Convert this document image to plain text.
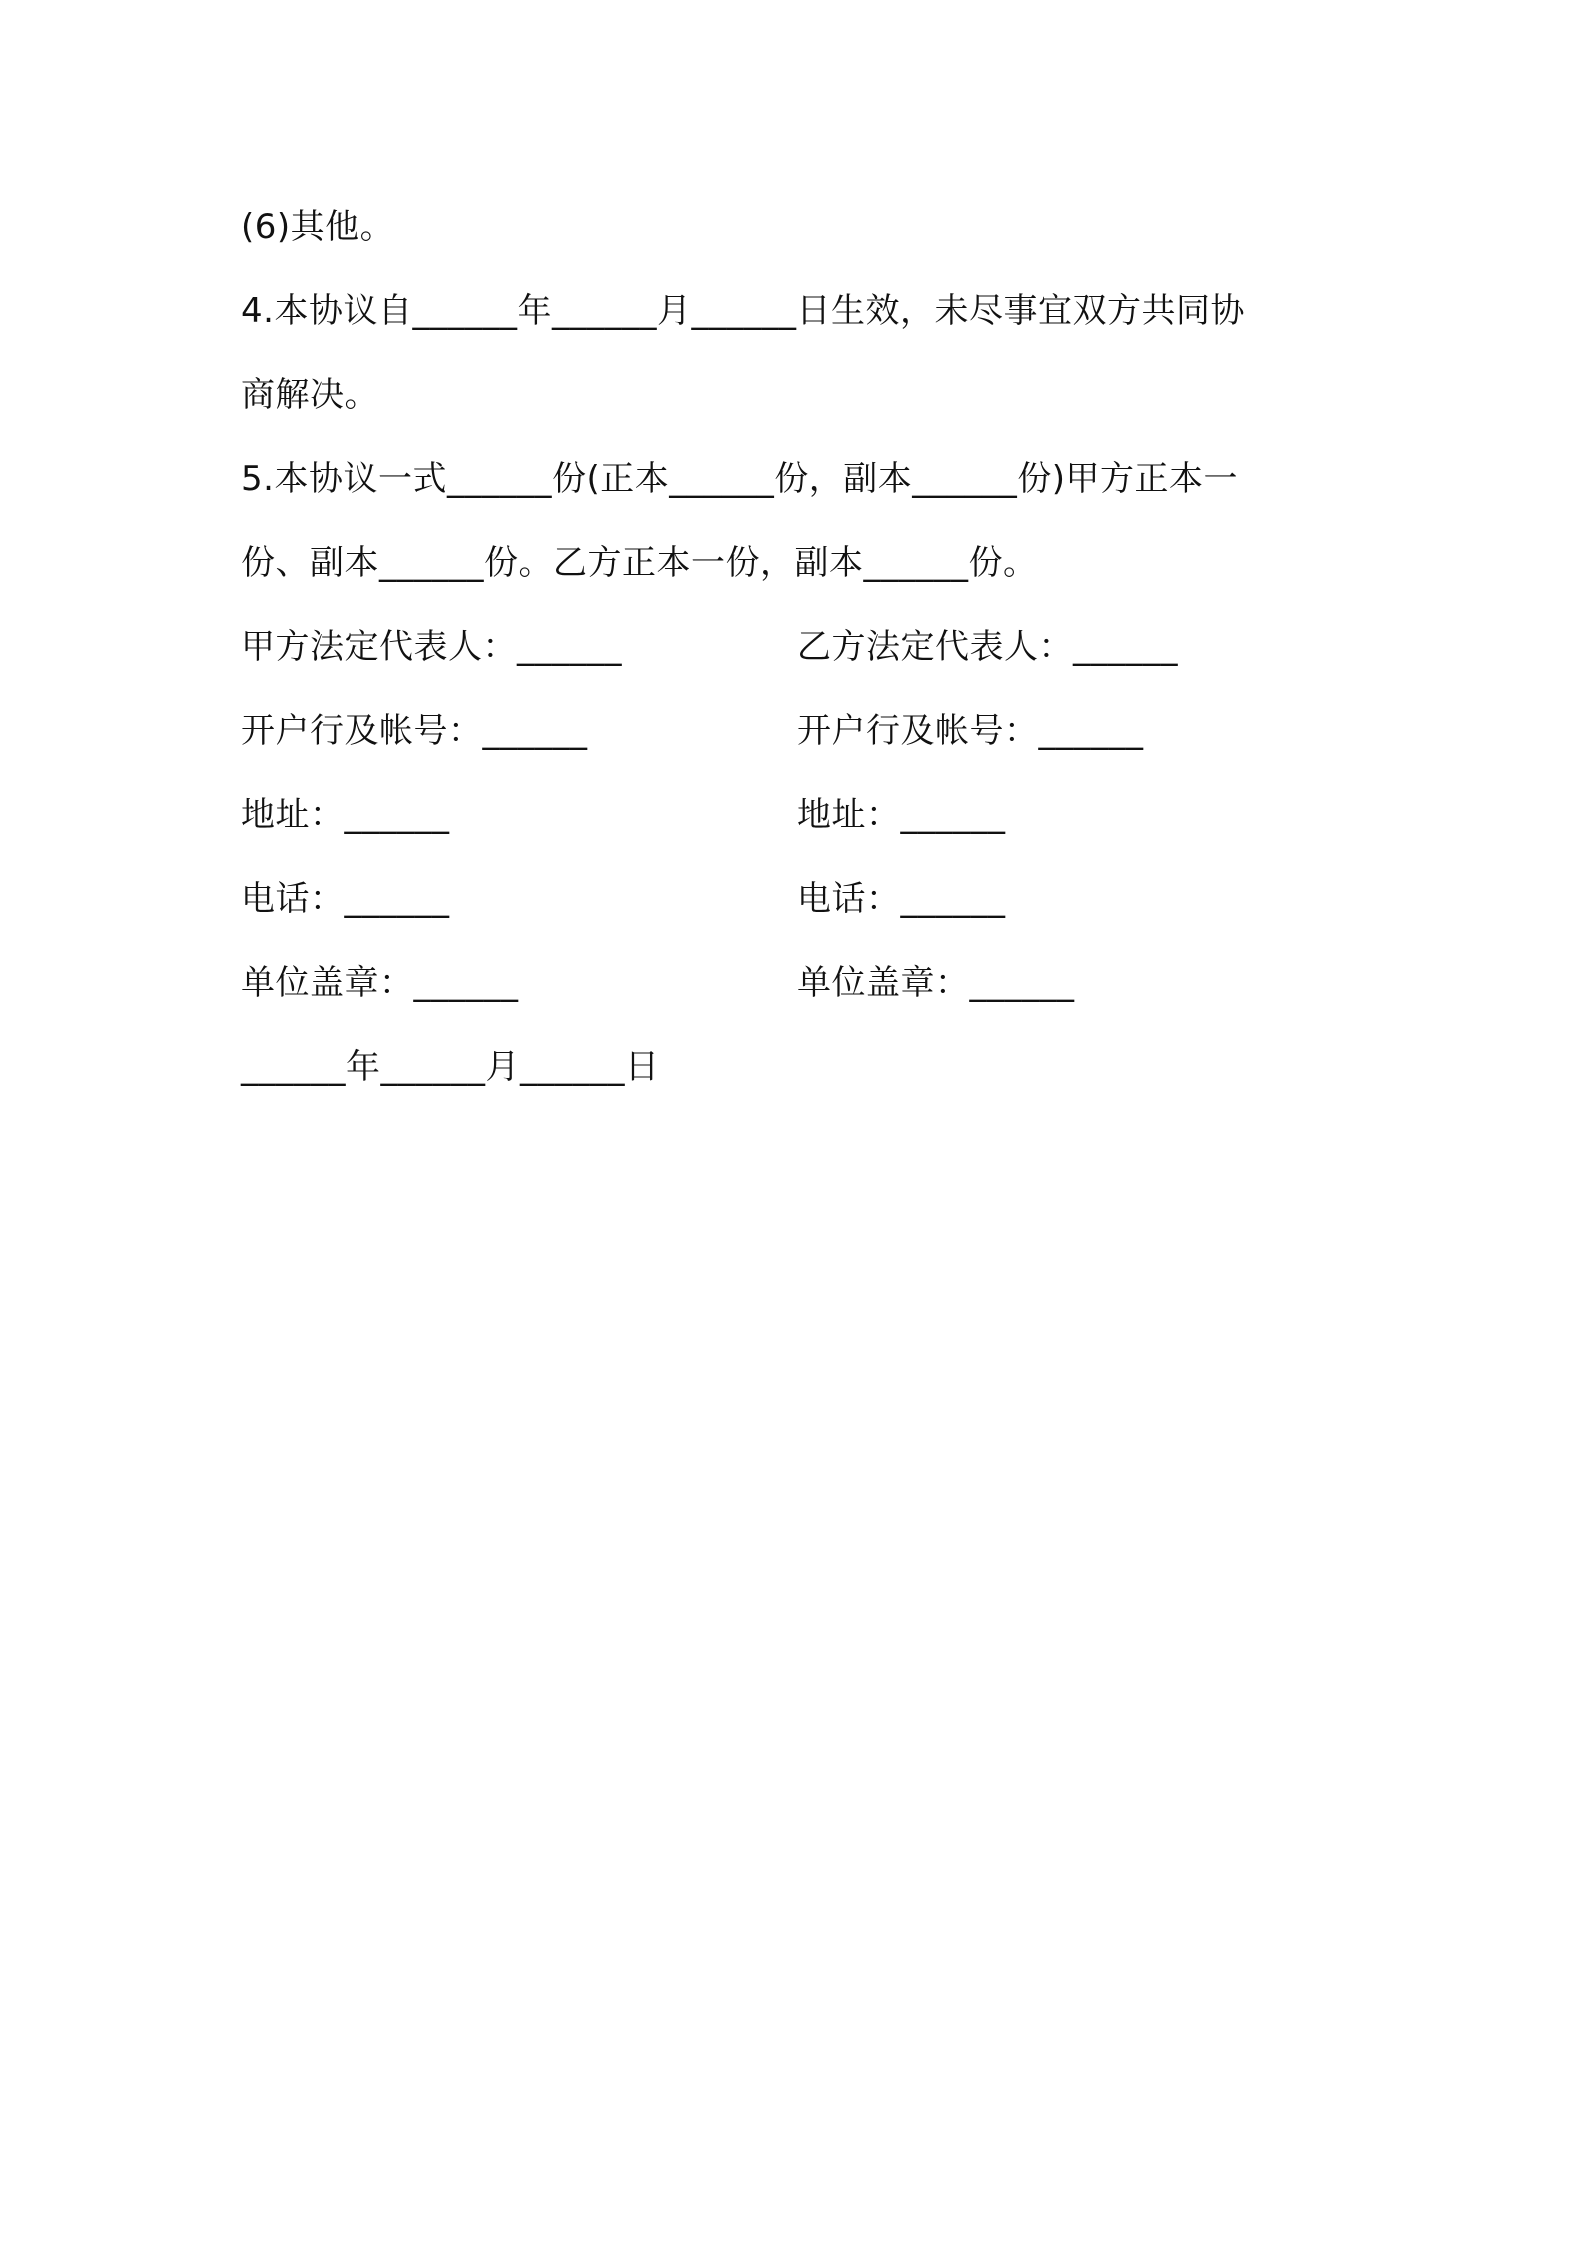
(6)其他。
4.本协议自______年______月______日生效，未尽事宜双方共同协
商解决。
5.本协议一式______份(正本______份，副本______份)甲方正本一
份、副本______份。乙方正本一份，副本______份。
甲方法定代表人：______	乙方法定代表人：______
开户行及帐号：______	开户行及帐号：______
地址：______	地址：______
电话：______	电话：______
单位盖章：______	单位盖章：______
______年______月______日
